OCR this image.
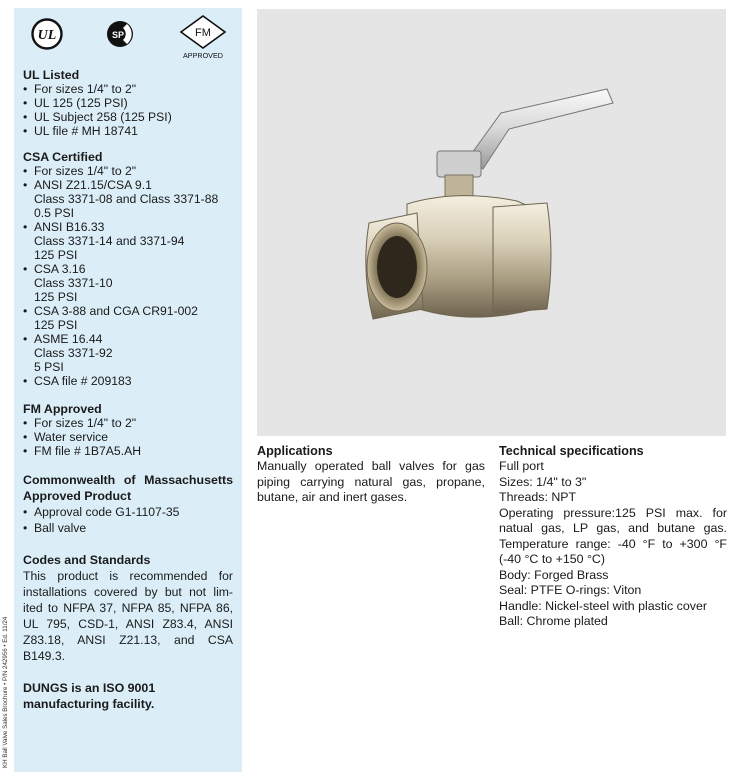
KH Ball Valve Sales Brochure • P/N 242956 • Ed. 11/24
UL	SP	FM
APPROVED
UL Listed
• For sizes 1/4" to 2"
• UL 125 (125 PSI)
• UL Subject 258 (125 PSI)
• UL file # MH 18741
CSA Certified
• For sizes 1/4" to 2"
• ANSI Z21.15/CSA 9.1
Class 3371-08 and Class 3371-88
0.5 PSI
• ANSI B16.33
Class 3371-14 and 3371-94
125 PSI
• CSA 3.16
Class 3371-10
125 PSI
• CSA 3-88 and CGA CR91-002
125 PSI
• ASME 16.44
Class 3371-92
5 PSI
• CSA file # 209183
FM Approved
• For sizes 1/4" to 2"
• Water service
• FM file # 1B7A5.AH
Commonwealth of Massachusetts
Approved Product
• Approval code G1-1107-35
• Ball valve
Codes and Standards
This product is recommended for
installations covered by but not lim-
ited to NFPA 37, NFPA 85, NFPA 86,
UL 795, CSD-1, ANSI Z83.4, ANSI
Z83.18, ANSI Z21.13, and CSA
B149.3.
DUNGS is an ISO 9001
manufacturing facility.
Applications

Manually operated ball valves for gas
piping carrying natural gas, propane,
butane, air and inert gases.

Technical specifications

Full port
Sizes: 1/4" to 3"
Threads: NPT
Operating pressure:125 PSI max. for
natual gas, LP gas, and butane gas.
Temperature range: -40 °F to +300 °F
(-40 °C to +150 °C)
Body: Forged Brass
Seal: PTFE O-rings: Viton
Handle: Nickel-steel with plastic cover
Ball: Chrome plated
